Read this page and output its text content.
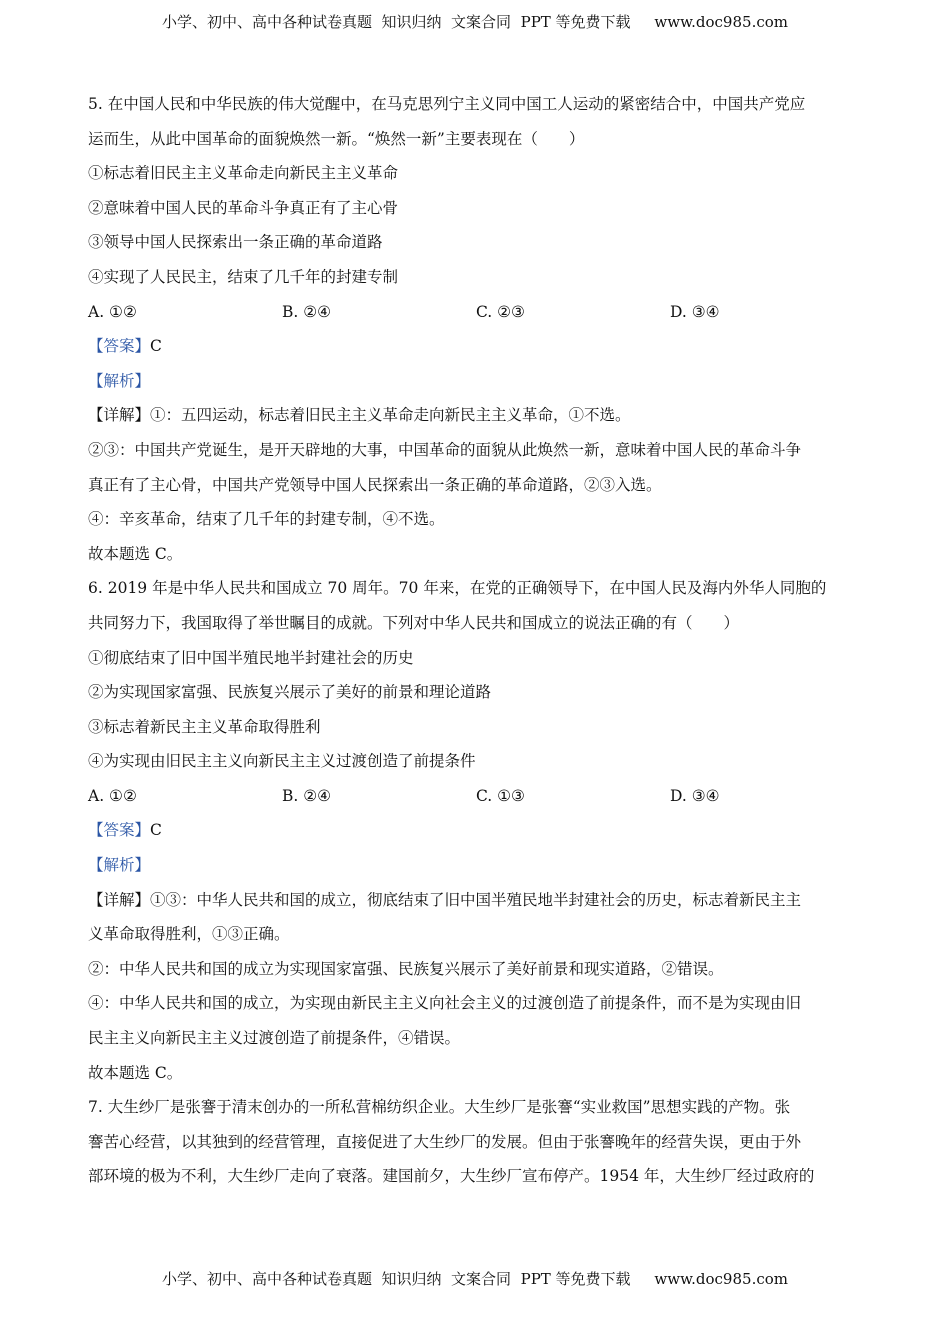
小学、初中、高中各种试卷真题  知识归纳  文案合同  PPT 等免费下载     www.doc985.com
5. 在中国人民和中华民族的伟大觉醒中，在马克思列宁主义同中国工人运动的紧密结合中，中国共产党应
运而生，从此中国革命的面貌焕然一新。“焕然一新”主要表现在（　　）
①标志着旧民主主义革命走向新民主主义革命
②意味着中国人民的革命斗争真正有了主心骨
③领导中国人民探索出一条正确的革命道路
④实现了人民民主，结束了几千年的封建专制
A. ①②	B. ②④	C. ②③	D. ③④
【答案】C
【解析】
【详解】①：五四运动，标志着旧民主主义革命走向新民主主义革命，①不选。
②③：中国共产党诞生，是开天辟地的大事，中国革命的面貌从此焕然一新，意味着中国人民的革命斗争
真正有了主心骨，中国共产党领导中国人民探索出一条正确的革命道路，②③入选。
④：辛亥革命，结束了几千年的封建专制，④不选。
故本题选 C。
6. 2019 年是中华人民共和国成立 70 周年。70 年来，在党的正确领导下，在中国人民及海内外华人同胞的
共同努力下，我国取得了举世瞩目的成就。下列对中华人民共和国成立的说法正确的有（　　）
①彻底结束了旧中国半殖民地半封建社会的历史
②为实现国家富强、民族复兴展示了美好的前景和理论道路
③标志着新民主主义革命取得胜利
④为实现由旧民主主义向新民主主义过渡创造了前提条件
A. ①②	B. ②④	C. ①③	D. ③④
【答案】C
【解析】
【详解】①③：中华人民共和国的成立，彻底结束了旧中国半殖民地半封建社会的历史，标志着新民主主
义革命取得胜利，①③正确。
②：中华人民共和国的成立为实现国家富强、民族复兴展示了美好前景和现实道路，②错误。
④：中华人民共和国的成立，为实现由新民主主义向社会主义的过渡创造了前提条件，而不是为实现由旧
民主主义向新民主主义过渡创造了前提条件，④错误。
故本题选 C。
7. 大生纱厂是张謇于清末创办的一所私营棉纺织企业。大生纱厂是张謇“实业救国”思想实践的产物。张
謇苦心经营，以其独到的经营管理，直接促进了大生纱厂的发展。但由于张謇晚年的经营失误，更由于外
部环境的极为不利，大生纱厂走向了衰落。建国前夕，大生纱厂宣布停产。1954 年，大生纱厂经过政府的
小学、初中、高中各种试卷真题  知识归纳  文案合同  PPT 等免费下载     www.doc985.com
